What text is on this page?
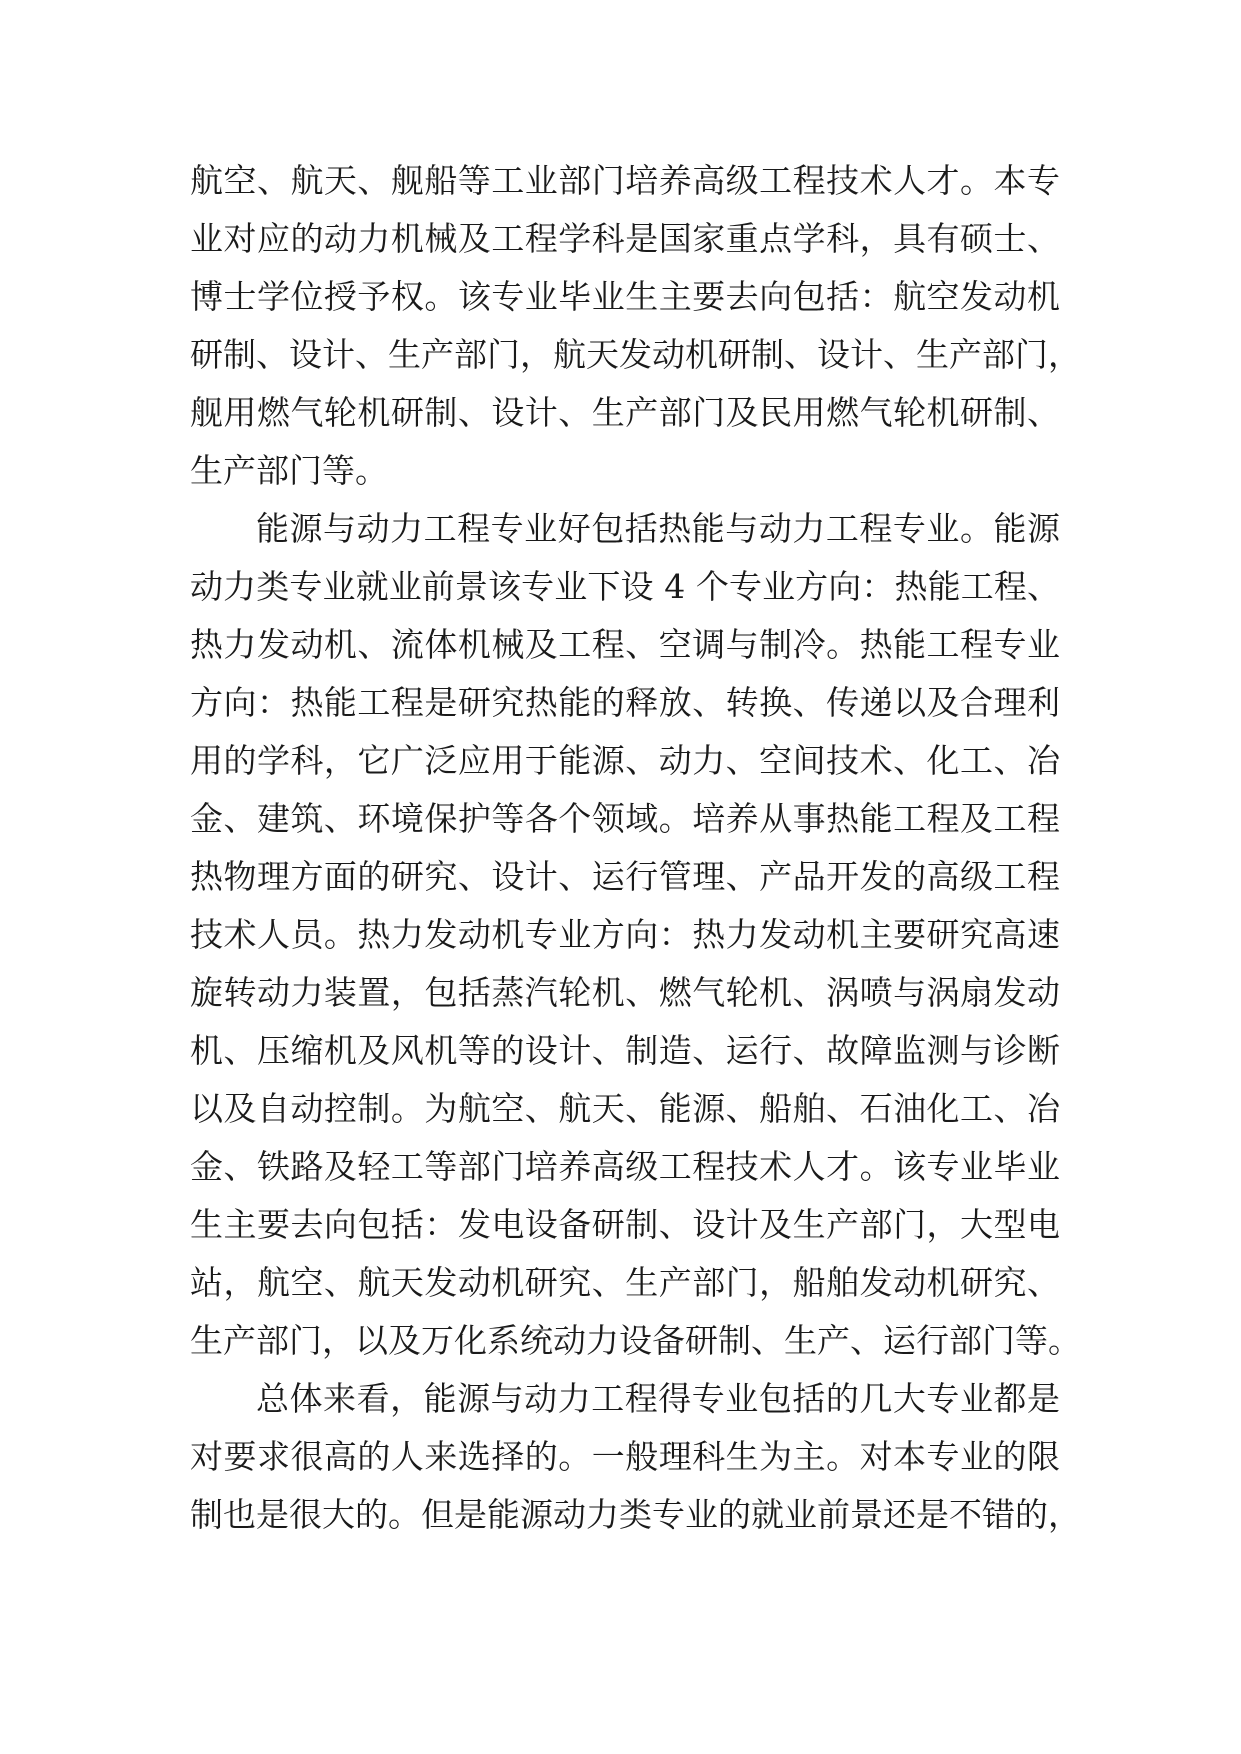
航空、航天、舰船等工业部门培养高级工程技术人才。本专
业对应的动力机械及工程学科是国家重点学科，具有硕士、
博士学位授予权。该专业毕业生主要去向包括：航空发动机
研制、设计、生产部门，航天发动机研制、设计、生产部门，
舰用燃气轮机研制、设计、生产部门及民用燃气轮机研制、
生产部门等。
能源与动力工程专业好包括热能与动力工程专业。能源
动力类专业就业前景该专业下设 4 个专业方向：热能工程、
热力发动机、流体机械及工程、空调与制冷。热能工程专业
方向：热能工程是研究热能的释放、转换、传递以及合理利
用的学科，它广泛应用于能源、动力、空间技术、化工、冶
金、建筑、环境保护等各个领域。培养从事热能工程及工程
热物理方面的研究、设计、运行管理、产品开发的高级工程
技术人员。热力发动机专业方向：热力发动机主要研究高速
旋转动力装置，包括蒸汽轮机、燃气轮机、涡喷与涡扇发动
机、压缩机及风机等的设计、制造、运行、故障监测与诊断
以及自动控制。为航空、航天、能源、船舶、石油化工、冶
金、铁路及轻工等部门培养高级工程技术人才。该专业毕业
生主要去向包括：发电设备研制、设计及生产部门，大型电
站，航空、航天发动机研究、生产部门，船舶发动机研究、
生产部门，以及万化系统动力设备研制、生产、运行部门等。
总体来看，能源与动力工程得专业包括的几大专业都是
对要求很高的人来选择的。一般理科生为主。对本专业的限
制也是很大的。但是能源动力类专业的就业前景还是不错的，
